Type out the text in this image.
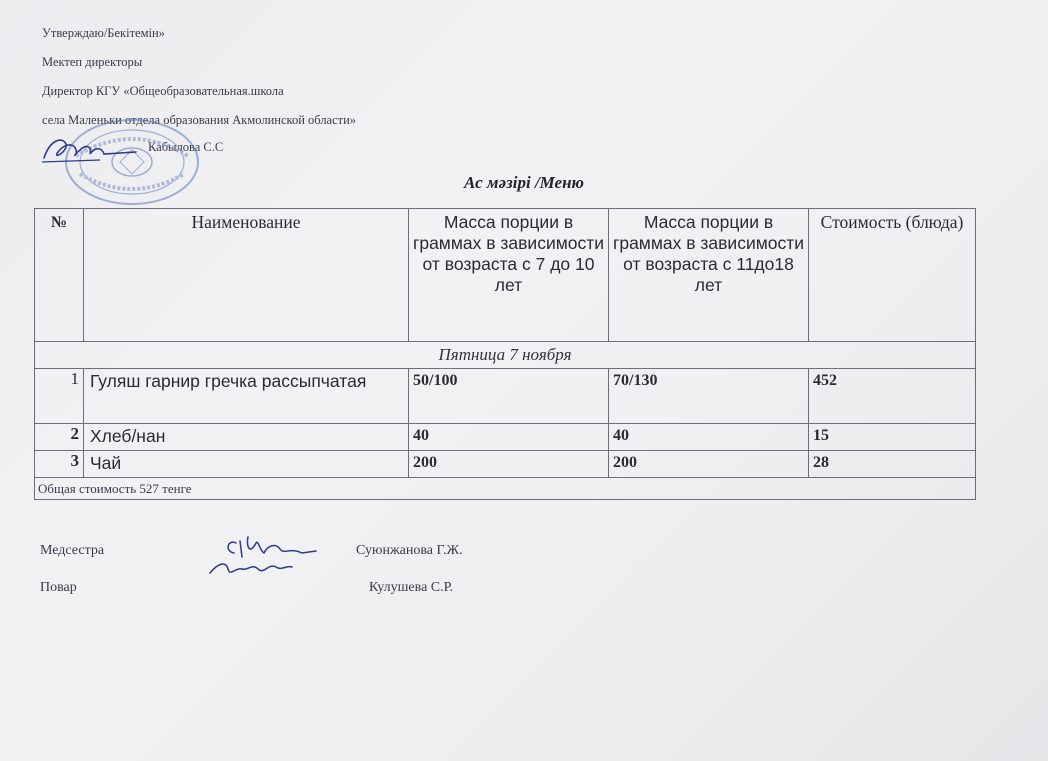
Утверждаю/Бекітемін»
Мектеп директоры
Директор КГУ «Общеобразовательная.школа
села Маленьки отдела образования Акмолинской области»
Кабылова С.С
Ас мәзірі /Меню
№	Наименование	Масса порции в граммах в зависимости от возраста с 7 до 10 лет	Масса порции в граммах в зависимости от возраста с 11до18 лет	Стоимость (блюда)
Пятница 7 ноября				
1	Гуляш гарнир гречка рассыпчатая	50/100	70/130	452
2	Хлеб/нан	40	40	15
3	Чай	200	200	28
Общая стоимость 527 тенге				
Медсестра	Суюнжанова Г.Ж.
Повар	Кулушева С.Р.
